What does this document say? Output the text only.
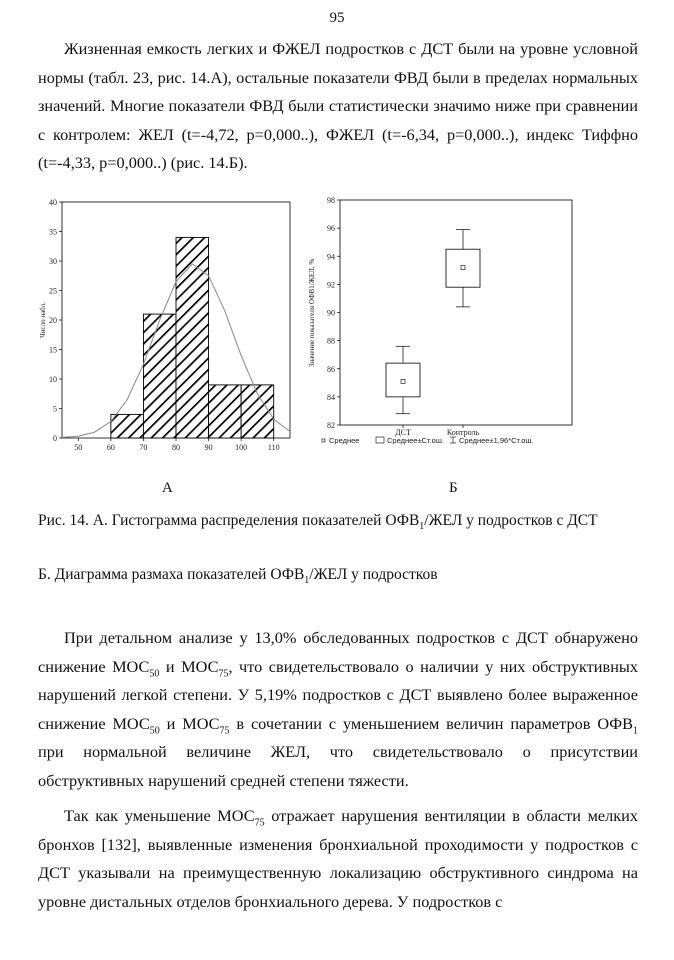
95

Жизненная емкость легких и ФЖЕЛ подростков с ДСТ были на уровне условной нормы (табл. 23, рис. 14.А), остальные показатели ФВД были в пределах нормальных значений. Многие показатели ФВД были статистически значимо ниже при сравнении с контролем: ЖЕЛ (t=-4,72, p=0,000..), ФЖЕЛ (t=-6,34, p=0,000..), индекс Тиффно (t=-4,33, p=0,000..) (рис. 14.Б).

0
5
10
15
20
25
30
35
40
50	60	70	80	90	100	110
Число набл.
82
84
86
88
90
92
94
96
98
ДСТ	Контроль
Значение показателя ОФВ1/ЖЕЛ, %
Среднее	Среднее±Ст.ош. Среднее±1,96*Ст.ош.
А	Б

Рис. 14. А. Гистограмма распределения показателей $ОФВ_1$/ЖЕЛ у подростков с ДСТ

Б. Диаграмма размаха показателей $ОФВ_1$/ЖЕЛ у подростков

При детальном анализе у 13,0% обследованных подростков с ДСТ обнаружено снижение $МОС_{50}$ и $МОС_{75}$, что свидетельствовало о наличии у них обструктивных нарушений легкой степени. У 5,19% подростков с ДСТ выявлено более выраженное снижение $МОС_{50}$ и $МОС_{75}$ в сочетании с уменьшением величин параметров $ОФВ_1$ при нормальной величине ЖЕЛ, что свидетельствовало о присутствии обструктивных нарушений средней степени тяжести.

Так как уменьшение $МОС_{75}$ отражает нарушения вентиляции в области мелких бронхов [132], выявленные изменения бронхиальной проходимости у подростков с ДСТ указывали на преимущественную локализацию обструктивного синдрома на уровне дистальных отделов бронхиального дерева. У подростков с
